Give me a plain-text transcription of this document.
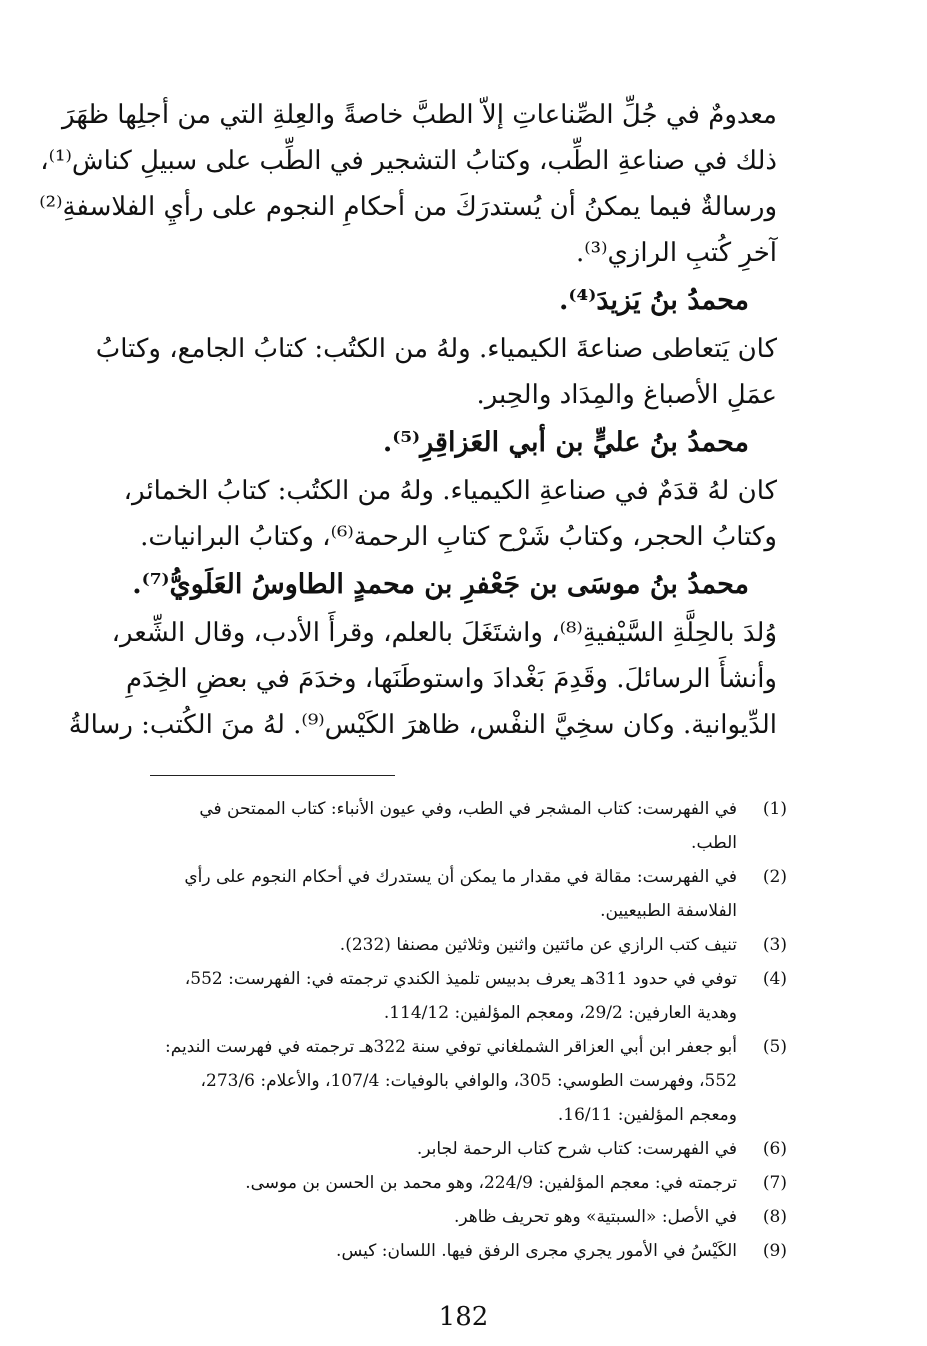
معدومٌ في جُلِّ الصِّناعاتِ إلاّ الطبَّ خاصةً والعِلةِ التي من أجلِها ظهَرَ
ذلك في صناعةِ الطِّب، وكتابُ التشجير في الطِّب على سبيلِ كناش⁽¹⁾،
ورسالةٌ فيما يمكنُ أن يُستدرَكَ من أحكامِ النجوم على رأيِ الفلاسفةِ⁽²⁾
آخرِ كُتبِ الرازي⁽³⁾.
محمدُ بنُ يَزيدَ⁽⁴⁾.
كان يَتعاطى صناعةَ الكيمياء. ولهُ من الكتُب: كتابُ الجامع، وكتابُ
عمَلِ الأصباغ والمِدَاد والحِبر.
محمدُ بنُ عليٍّ بن أبي العَزاقِرِ⁽⁵⁾.
كان لهُ قدَمٌ في صناعةِ الكيمياء. ولهُ من الكتُب: كتابُ الخمائر،
وكتابُ الحجر، وكتابُ شَرْح كتابِ الرحمة⁽⁶⁾، وكتابُ البرانيات.
محمدُ بنُ موسَى بن جَعْفرِ بن محمدٍ الطاوسُ العَلَويُّ⁽⁷⁾.
وُلدَ بالحِلَّةِ السَّيْفيةِ⁽⁸⁾، واشتَغَلَ بالعلم، وقرأَ الأدب، وقال الشِّعر،
وأنشأَ الرسائلَ. وقَدِمَ بَغْدادَ واستوطَنَها، وخدَمَ في بعضِ الخِدَمِ
الدِّيوانية. وكان سخِيَّ النفْس، ظاهرَ الكَيْس⁽⁹⁾. لهُ منَ الكُتب: رسالةُ
(1)
في الفهرست: كتاب المشجر في الطب، وفي عيون الأنباء: كتاب الممتحن في
الطب.
(2)
في الفهرست: مقالة في مقدار ما يمكن أن يستدرك في أحكام النجوم على رأي
الفلاسفة الطبيعيين.
(3)
تنيف كتب الرازي عن مائتين واثنين وثلاثين مصنفا (232).
(4)
توفي في حدود 311هـ يعرف بدبيس تلميذ الكندي ترجمته في: الفهرست: 552،
وهدية العارفين: 29/2، ومعجم المؤلفين: 114/12.
(5)
أبو جعفر ابن أبي العزاقر الشملغاني توفي سنة 322هـ ترجمته في فهرست النديم:
552، وفهرست الطوسي: 305، والوافي بالوفيات: 107/4، والأعلام: 273/6،
ومعجم المؤلفين: 16/11.
(6)
في الفهرست: كتاب شرح كتاب الرحمة لجابر.
(7)
ترجمته في: معجم المؤلفين: 224/9، وهو محمد بن الحسن بن موسى.
(8)
في الأصل: «السبتية» وهو تحريف ظاهر.
(9)
الكَيْسُ في الأمور يجري مجرى الرفق فيها. اللسان: كيس.
182
